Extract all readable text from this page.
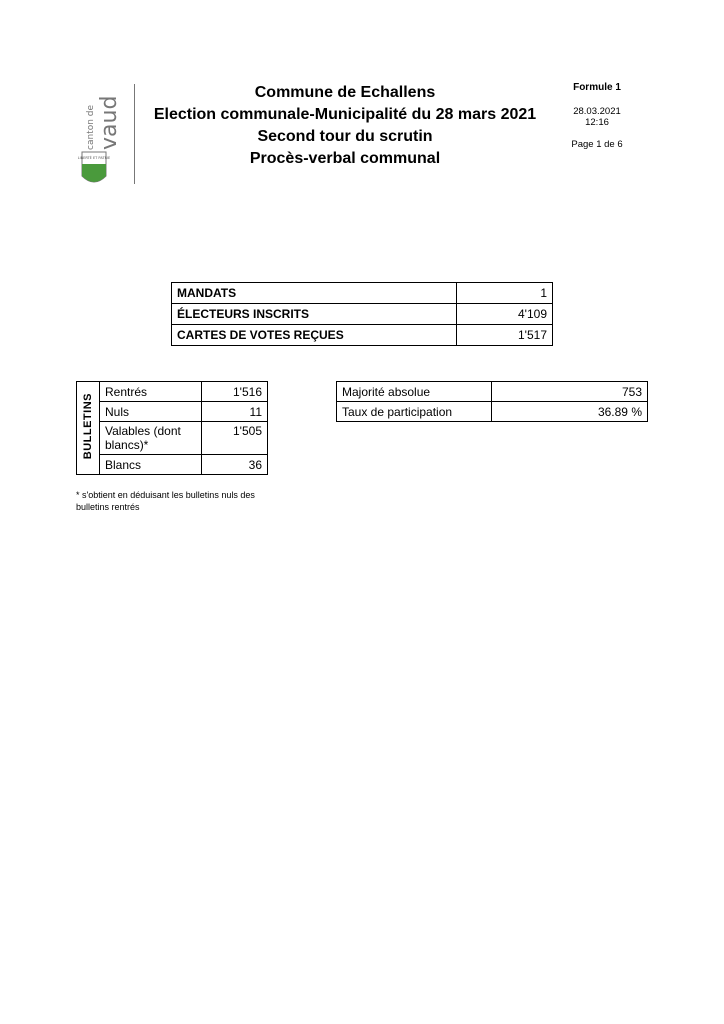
vaud
canton de
LIBERTÉ ET PATRIE
Commune de Echallens
Election communale-Municipalité du 28 mars 2021
Second tour du scrutin
Procès-verbal communal
Formule 1
28.03.2021
12:16
Page 1 de 6
MANDATS	1
ÉLECTEURS INSCRITS	4'109
CARTES DE VOTES REÇUES	1'517
BULLETINS	Rentrés	1'516
	Nuls	11
	Valables (dont blancs)*	1'505
	Blancs	36
* s'obtient en déduisant les bulletins nuls des bulletins rentrés
Majorité absolue	753
Taux de participation	36.89 %
